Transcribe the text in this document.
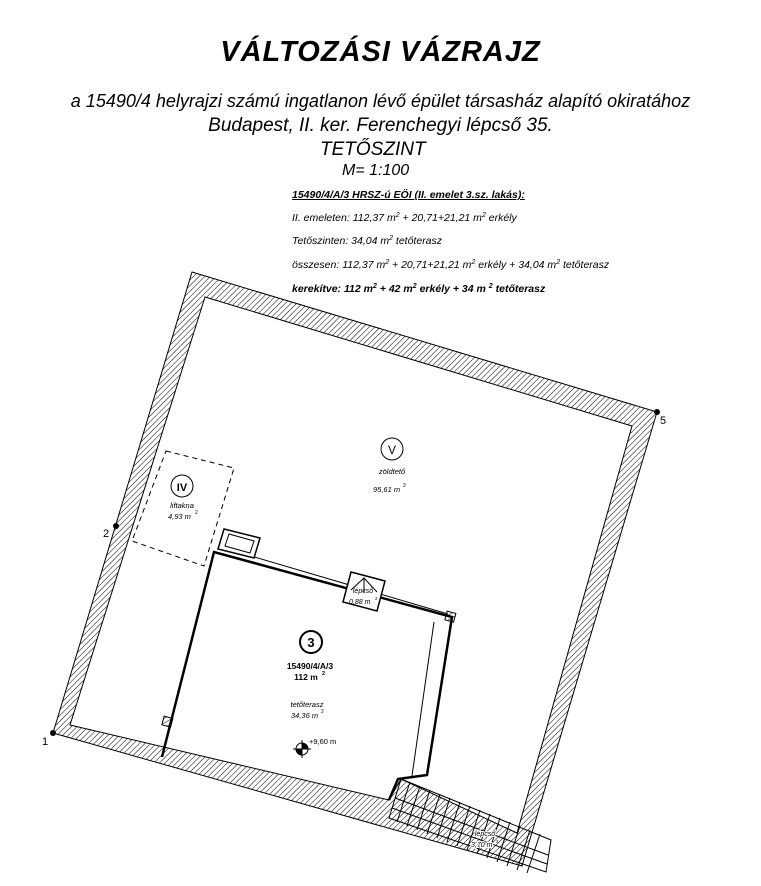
VÁLTOZÁSI VÁZRAJZ
a 15490/4 helyrajzi számú ingatlanon lévő épület társasház alapító okiratához
Budapest, II. ker. Ferenchegyi lépcső 35.
TETŐSZINT
M= 1:100
15490/4/A/3 HRSZ-ú EÖI (II. emelet 3.sz. lakás):
II. emeleten: 112,37 $m^2 + 20,71+21,21$ $m^2$ erkély
Tetőszinten: 34,04 $m^2$ tetőterasz
összesen: 112,37 $m^2 + 20,71+21,21$ $m^2$ erkély + 34,04 $m^2$ tetőterasz
kerekítve: 112 $m^2 + 42$ $m^2$ erkély + 34 m $^2$ tetőterasz
1
2
5
V
zöldtető
95,61 m 2
IV
liftakna
4,93 m 2
3
15490/4/A/3
112 m 2
tetőterasz
34,36 m 2
lépcső
0,88 m
2
lépcső
3,70 m
2
+9,60 m
